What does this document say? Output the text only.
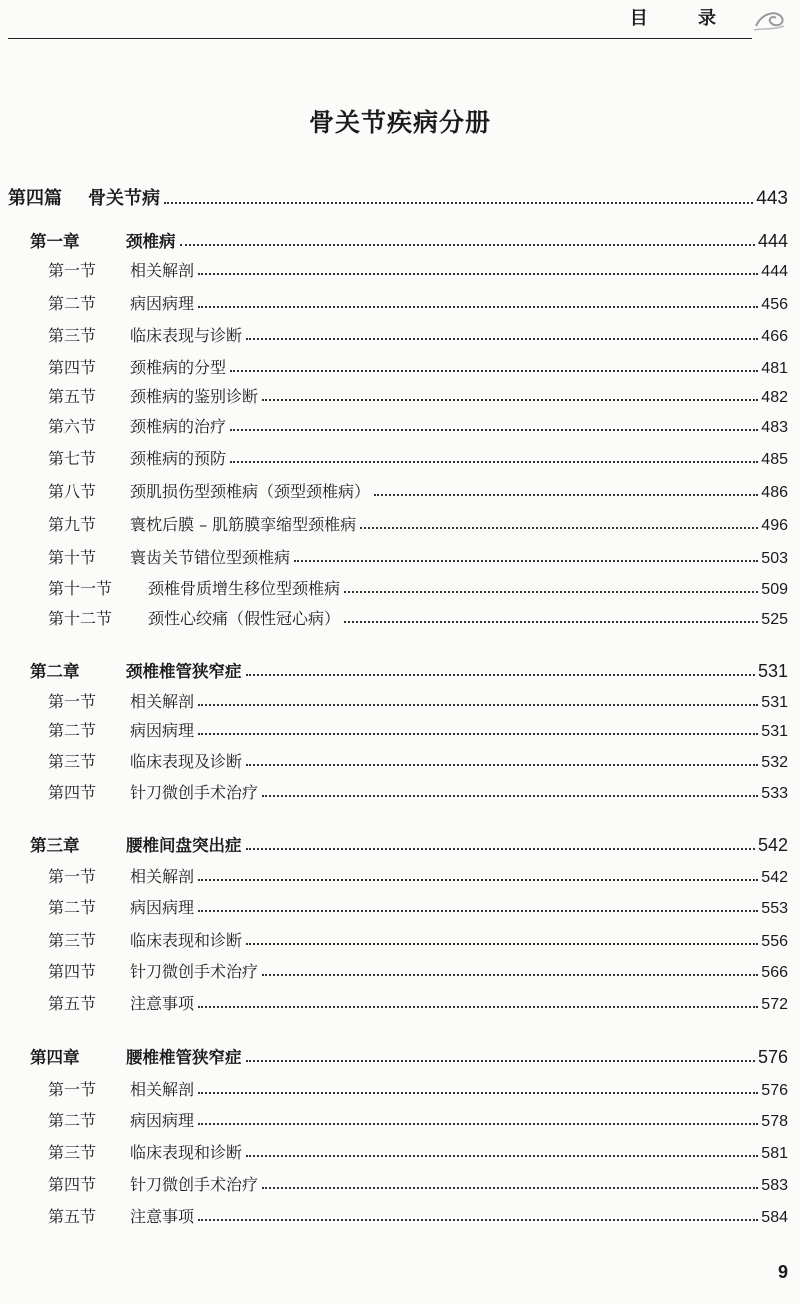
目 录
骨关节疾病分册
第四篇	骨关节病	443
第一章	颈椎病	444
第一节	相关解剖	444
第二节	病因病理	456
第三节	临床表现与诊断	466
第四节	颈椎病的分型	481
第五节	颈椎病的鉴别诊断	482
第六节	颈椎病的治疗	483
第七节	颈椎病的预防	485
第八节	颈肌损伤型颈椎病（颈型颈椎病）	486
第九节	寰枕后膜 – 肌筋膜挛缩型颈椎病	496
第十节	寰齿关节错位型颈椎病	503
第十一节	颈椎骨质增生移位型颈椎病	509
第十二节	颈性心绞痛（假性冠心病）	525
第二章	颈椎椎管狭窄症	531
第一节	相关解剖	531
第二节	病因病理	531
第三节	临床表现及诊断	532
第四节	针刀微创手术治疗	533
第三章	腰椎间盘突出症	542
第一节	相关解剖	542
第二节	病因病理	553
第三节	临床表现和诊断	556
第四节	针刀微创手术治疗	566
第五节	注意事项	572
第四章	腰椎椎管狭窄症	576
第一节	相关解剖	576
第二节	病因病理	578
第三节	临床表现和诊断	581
第四节	针刀微创手术治疗	583
第五节	注意事项	584
9
